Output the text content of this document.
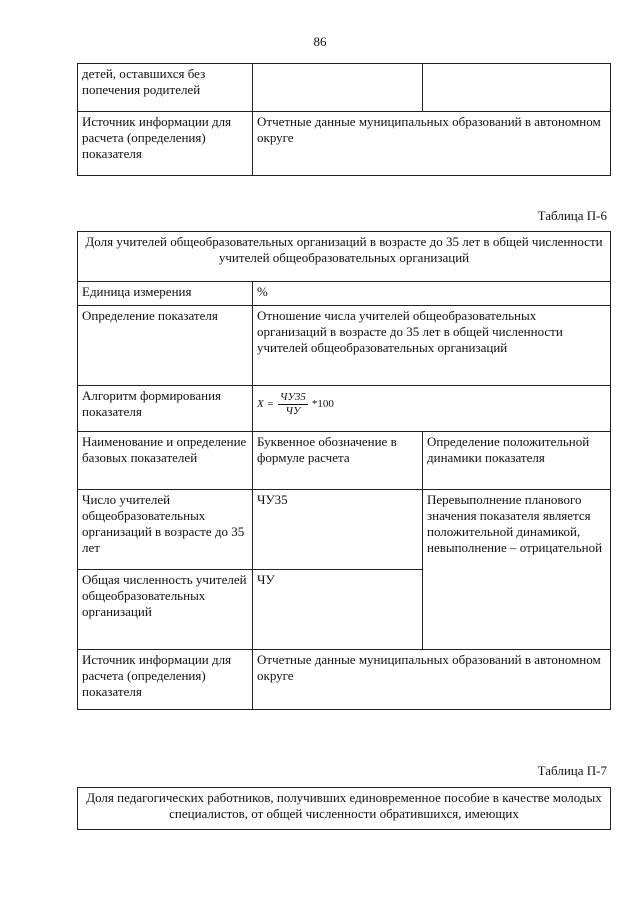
86
детей, оставшихся без попечения родителей		
Источник информации для расчета (определения) показателя	Отчетные данные муниципальных образований в автономном округе	
Таблица П-6
Доля учителей общеобразовательных организаций в возрасте до 35 лет в общей численности учителей общеобразовательных организаций		
Единица измерения	%	
Определение показателя	Отношение числа учителей общеобразовательных организаций в возрасте до 35 лет в общей численности учителей общеобразовательных организаций	
Алгоритм формирования показателя	$X = \frac{ЧУ35}{ЧУ} *100$	

Наименование и определение базовых показателей	Буквенное обозначение в формуле расчета	Определение положительной динамики показателя
Число учителей общеобразовательных организаций в возрасте до 35 лет	ЧУ35	Перевыполнение планового значения показателя является положительной динамикой, невыполнение – отрицательной
Общая численность учителей общеобразовательных организаций	ЧУ	
Источник информации для расчета (определения) показателя	Отчетные данные муниципальных образований в автономном округе	
Таблица П-7
Доля педагогических работников, получивших единовременное пособие в качестве молодых специалистов, от общей численности обратившихся, имеющих
